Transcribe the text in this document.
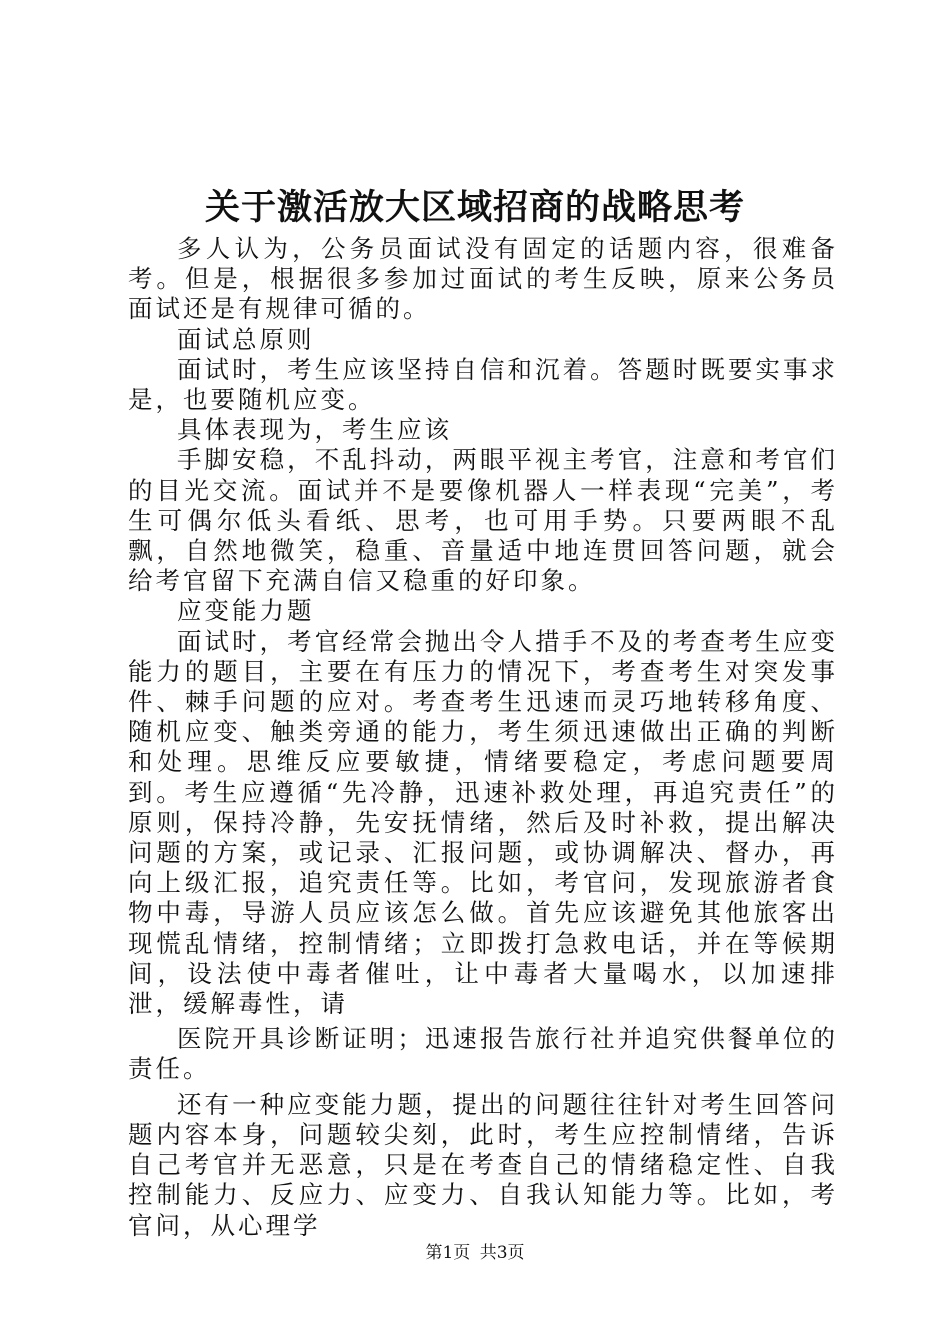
关于激活放大区域招商的战略思考

多人认为，公务员面试没有固定的话题内容，很难备考。但是，根据很多参加过面试的考生反映，原来公务员面试还是有规律可循的。

面试总原则

面试时，考生应该坚持自信和沉着。答题时既要实事求是，也要随机应变。

具体表现为，考生应该

手脚安稳，不乱抖动，两眼平视主考官，注意和考官们的目光交流。面试并不是要像机器人一样表现“完美”，考生可偶尔低头看纸、思考，也可用手势。只要两眼不乱飘，自然地微笑，稳重、音量适中地连贯回答问题，就会给考官留下充满自信又稳重的好印象。

应变能力题

面试时，考官经常会抛出令人措手不及的考查考生应变能力的题目，主要在有压力的情况下，考查考生对突发事件、棘手问题的应对。考查考生迅速而灵巧地转移角度、随机应变、触类旁通的能力，考生须迅速做出正确的判断和处理。思维反应要敏捷，情绪要稳定，考虑问题要周到。考生应遵循“先冷静，迅速补救处理，再追究责任”的原则，保持冷静，先安抚情绪，然后及时补救，提出解决问题的方案，或记录、汇报问题，或协调解决、督办，再向上级汇报，追究责任等。比如，考官问，发现旅游者食物中毒，导游人员应该怎么做。首先应该避免其他旅客出现慌乱情绪，控制情绪；立即拨打急救电话，并在等候期间，设法使中毒者催吐，让中毒者大量喝水，以加速排泄，缓解毒性，请

医院开具诊断证明；迅速报告旅行社并追究供餐单位的责任。

还有一种应变能力题，提出的问题往往针对考生回答问题内容本身，问题较尖刻，此时，考生应控制情绪，告诉自己考官并无恶意，只是在考查自己的情绪稳定性、自我控制能力、反应力、应变力、自我认知能力等。比如，考官问，从心理学

第1页 共3页
